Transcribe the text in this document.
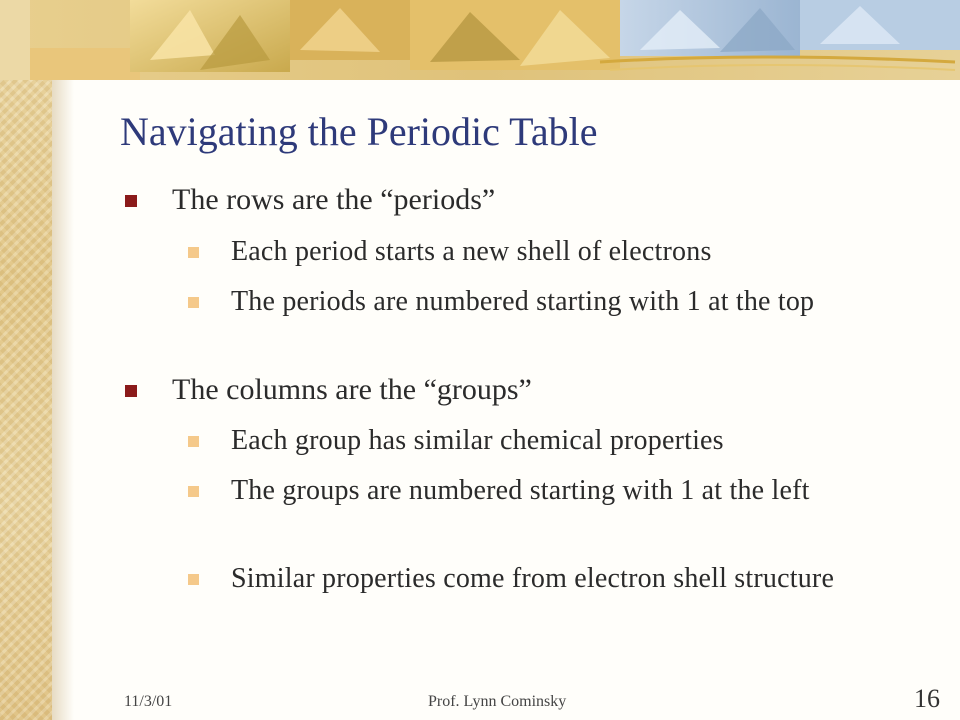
Navigating the Periodic Table
The rows are the “periods”
Each period starts a new shell of electrons
The periods are numbered starting with 1 at the top
The columns are the “groups”
Each group has similar chemical properties
The groups are numbered starting with 1 at the left
Similar properties come from electron shell structure
11/3/01	Prof. Lynn Cominsky	16
